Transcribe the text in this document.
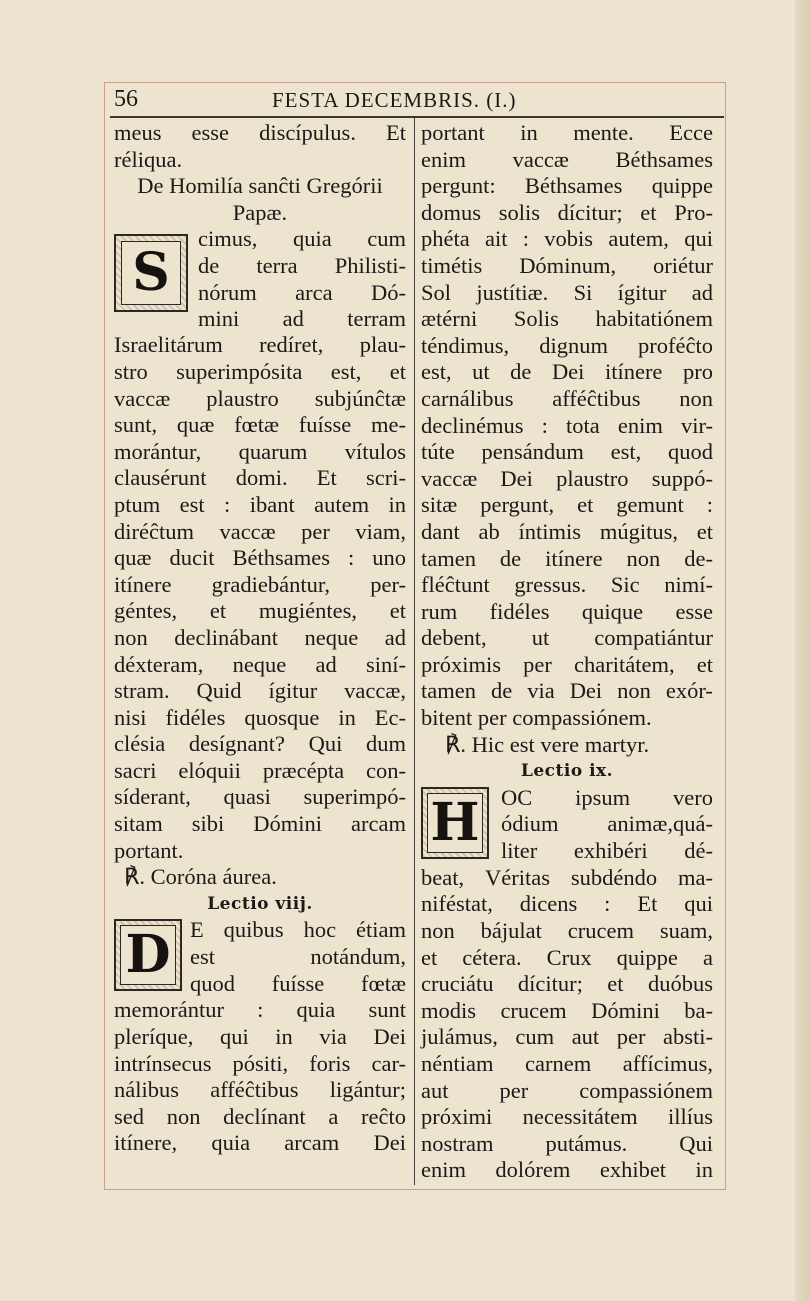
56	FESTA DECEMBRIS. (I.)
meus esse discípulus. Et
réliqua.
De Homilía sanĉti Gregórii
Papæ.
S
cimus, quia cum
de terra Philisti-
nórum arca Dó-
mini ad terram
Israelitárum redíret, plau-
stro superimpósita est, et
vaccæ plaustro subjúnĉtæ
sunt, quæ fœtæ fuísse me-
morántur, quarum vítulos
clausérunt domi. Et scri-
ptum est : ibant autem in
diréĉtum vaccæ per viam,
quæ ducit Béthsames : uno
itínere gradiebántur, per-
géntes, et mugiéntes, et
non declinábant neque ad
déxteram, neque ad siní-
stram. Quid ígitur vaccæ,
nisi fidéles quosque in Ec-
clésia desígnant? Qui dum
sacri elóquii præcépta con-
síderant, quasi superimpó-
sitam sibi Dómini arcam
portant.
℟. Coróna áurea.
Lectio viij.
D E quibus hoc étiam
est	notándum,
quod fuísse fœtæ
memorántur : quia sunt
pleríque, qui in via Dei
intrínsecus pósiti, foris car-
nálibus afféĉtibus ligántur;
sed non declínant a reĉto
itínere, quia arcam Dei
portant in mente. Ecce
enim vaccæ Béthsames
pergunt: Béthsames quippe
domus solis dícitur; et Pro-
phéta ait : vobis autem, qui
timétis Dóminum, oriétur
Sol justítiæ. Si ígitur ad
ætérni Solis habitatiónem
téndimus, dignum proféĉto
est, ut de Dei itínere pro
carnálibus afféĉtibus non
declinémus : tota enim vir-
túte pensándum est, quod
vaccæ Dei plaustro suppó-
sitæ pergunt, et gemunt :
dant ab íntimis múgitus, et
tamen de itínere non de-
fléĉtunt gressus. Sic nimí-
rum fidéles quique esse
debent, ut compatiántur
próximis per charitátem, et
tamen de via Dei non exór-
bitent per compassiónem.
℟. Hic est vere martyr.
Lectio ix.
H OC ipsum vero
ódium animæ,quá-
liter exhibéri dé-
beat, Véritas subdéndo ma-
niféstat, dicens : Et qui
non bájulat crucem suam,
et cétera. Crux quippe a
cruciátu dícitur; et duóbus
modis crucem Dómini ba-
julámus, cum aut per absti-
néntiam carnem affícimus,
aut per compassiónem
próximi necessitátem illíus
nostram putámus. Qui
enim dolórem exhibet in
